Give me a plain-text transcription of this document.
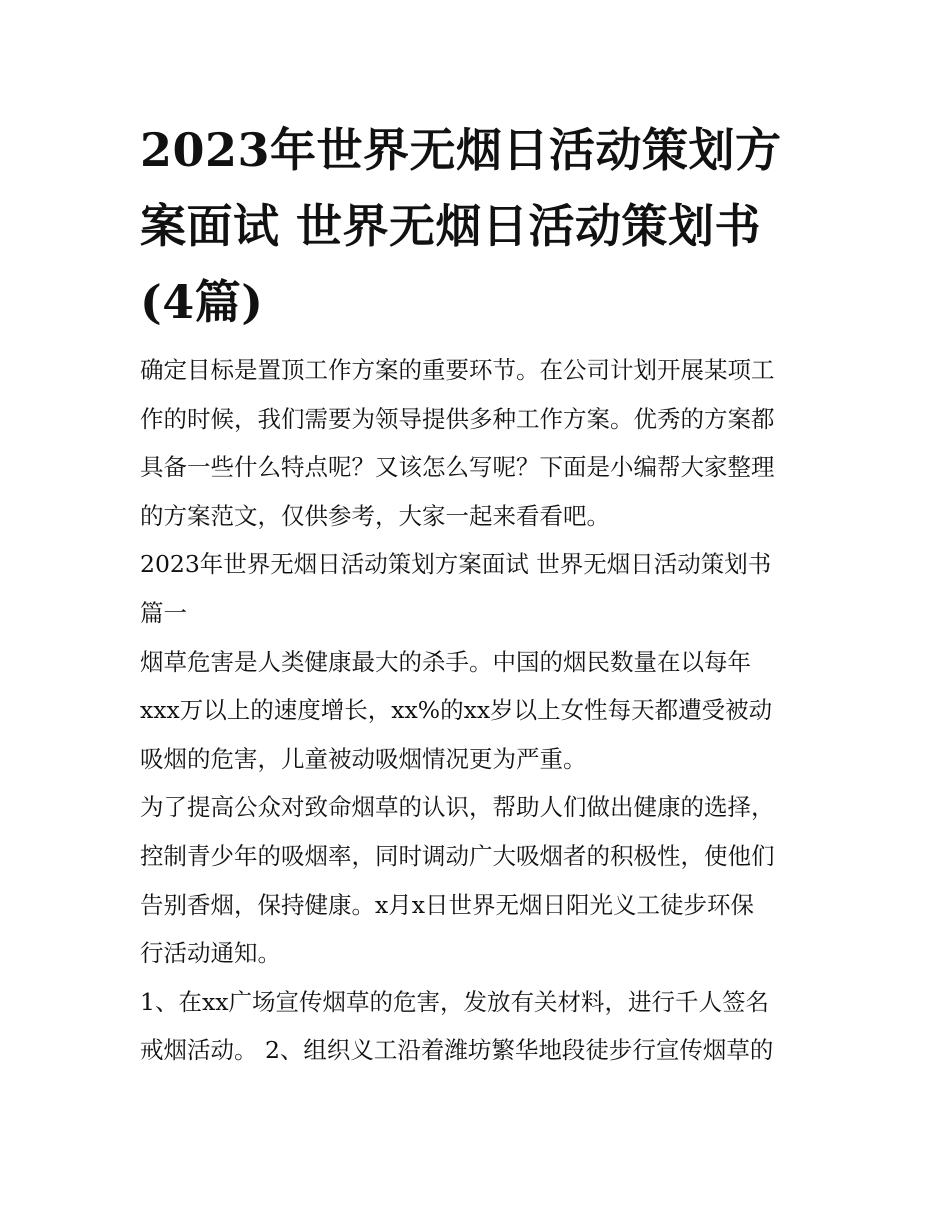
2023年世界无烟日活动策划方
案面试 世界无烟日活动策划书
(4篇)

确定目标是置顶工作方案的重要环节。在公司计划开展某项工
作的时候，我们需要为领导提供多种工作方案。优秀的方案都
具备一些什么特点呢？又该怎么写呢？下面是小编帮大家整理
的方案范文，仅供参考，大家一起来看看吧。

2023年世界无烟日活动策划方案面试 世界无烟日活动策划书
篇一

烟草危害是人类健康最大的杀手。中国的烟民数量在以每年
xxx万以上的速度增长，xx%的xx岁以上女性每天都遭受被动
吸烟的危害，儿童被动吸烟情况更为严重。

为了提高公众对致命烟草的认识，帮助人们做出健康的选择，
控制青少年的吸烟率，同时调动广大吸烟者的积极性，使他们
告别香烟，保持健康。x月x日世界无烟日阳光义工徒步环保
行活动通知。

1、在xx广场宣传烟草的危害，发放有关材料，进行千人签名
戒烟活动。 2、组织义工沿着潍坊繁华地段徒步行宣传烟草的
